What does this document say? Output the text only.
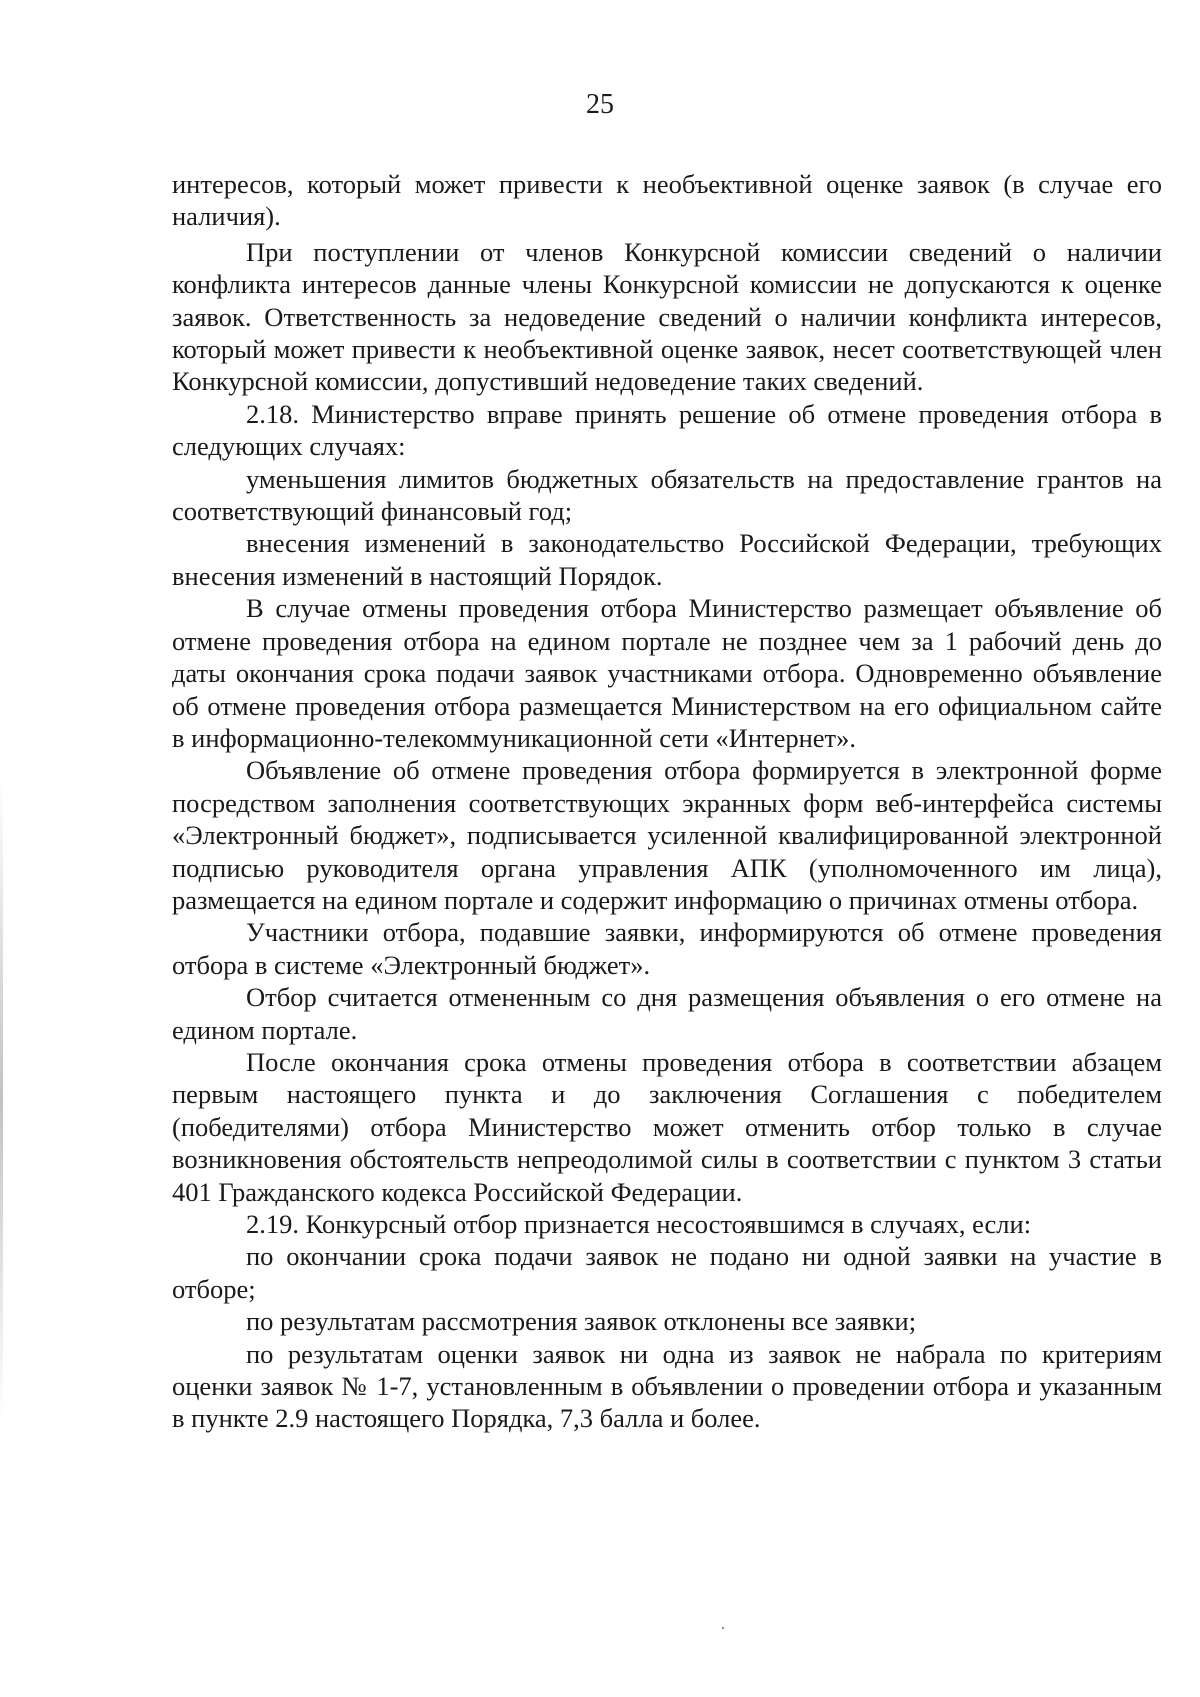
25

интересов, который может привести к необъективной оценке заявок (в случае его наличия).

При поступлении от членов Конкурсной комиссии сведений о наличии конфликта интересов данные члены Конкурсной комиссии не допускаются к оценке заявок. Ответственность за недоведение сведений о наличии конфликта интересов, который может привести к необъективной оценке заявок, несет соответствующей член Конкурсной комиссии, допустивший недоведение таких сведений.

2.18. Министерство вправе принять решение об отмене проведения отбора в следующих случаях:

уменьшения лимитов бюджетных обязательств на предоставление грантов на соответствующий финансовый год;

внесения изменений в законодательство Российской Федерации, требующих внесения изменений в настоящий Порядок.

В случае отмены проведения отбора Министерство размещает объявление об отмене проведения отбора на едином портале не позднее чем за 1 рабочий день до даты окончания срока подачи заявок участниками отбора. Одновременно объявление об отмене проведения отбора размещается Министерством на его официальном сайте в информационно-телекоммуникационной сети «Интернет».

Объявление об отмене проведения отбора формируется в электронной форме посредством заполнения соответствующих экранных форм веб-интерфейса системы «Электронный бюджет», подписывается усиленной квалифицированной электронной подписью руководителя органа управления АПК (уполномоченного им лица), размещается на едином портале и содержит информацию о причинах отмены отбора.

Участники отбора, подавшие заявки, информируются об отмене проведения отбора в системе «Электронный бюджет».

Отбор считается отмененным со дня размещения объявления о его отмене на едином портале.

После окончания срока отмены проведения отбора в соответствии абзацем первым настоящего пункта и до заключения Соглашения с победителем (победителями) отбора Министерство может отменить отбор только в случае возникновения обстоятельств непреодолимой силы в соответствии с пунктом 3 статьи 401 Гражданского кодекса Российской Федерации.

2.19. Конкурсный отбор признается несостоявшимся в случаях, если:

по окончании срока подачи заявок не подано ни одной заявки на участие в отборе;

по результатам рассмотрения заявок отклонены все заявки;

по результатам оценки заявок ни одна из заявок не набрала по критериям оценки заявок № 1-7, установленным в объявлении о проведении отбора и указанным в пункте 2.9 настоящего Порядка, 7,3 балла и более.
